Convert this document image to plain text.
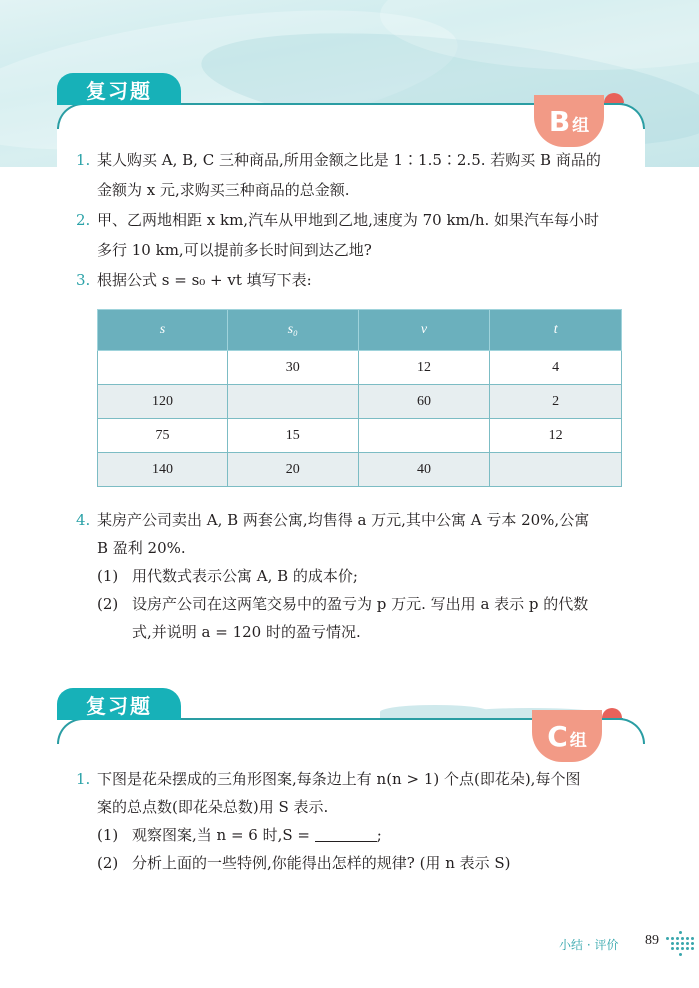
复习题
B 组
1. 某人购买 A, B, C 三种商品,所用金额之比是 1∶1.5∶2.5. 若购买 B 商品的
金额为 x 元,求购买三种商品的总金额.
2. 甲、乙两地相距 x km,汽车从甲地到乙地,速度为 70 km/h. 如果汽车每小时
多行 10 km,可以提前多长时间到达乙地?
3. 根据公式 s = s₀ + vt 填写下表:
s	s₀	v	t
	30	12	4
120		60	2
75	15		12
140	20	40	
4. 某房产公司卖出 A, B 两套公寓,均售得 a 万元,其中公寓 A 亏本 20%,公寓
B 盈利 20%.
(1) 用代数式表示公寓 A, B 的成本价;
(2) 设房产公司在这两笔交易中的盈亏为 p 万元. 写出用 a 表示 p 的代数
式,并说明 a = 120 时的盈亏情况.
复习题
C 组
1. 下图是花朵摆成的三角形图案,每条边上有 n(n > 1) 个点(即花朵),每个图
案的总点数(即花朵总数)用 S 表示.
(1) 观察图案,当 n = 6 时,S =	;
(2) 分析上面的一些特例,你能得出怎样的规律? (用 n 表示 S)
小结 · 评价 89
